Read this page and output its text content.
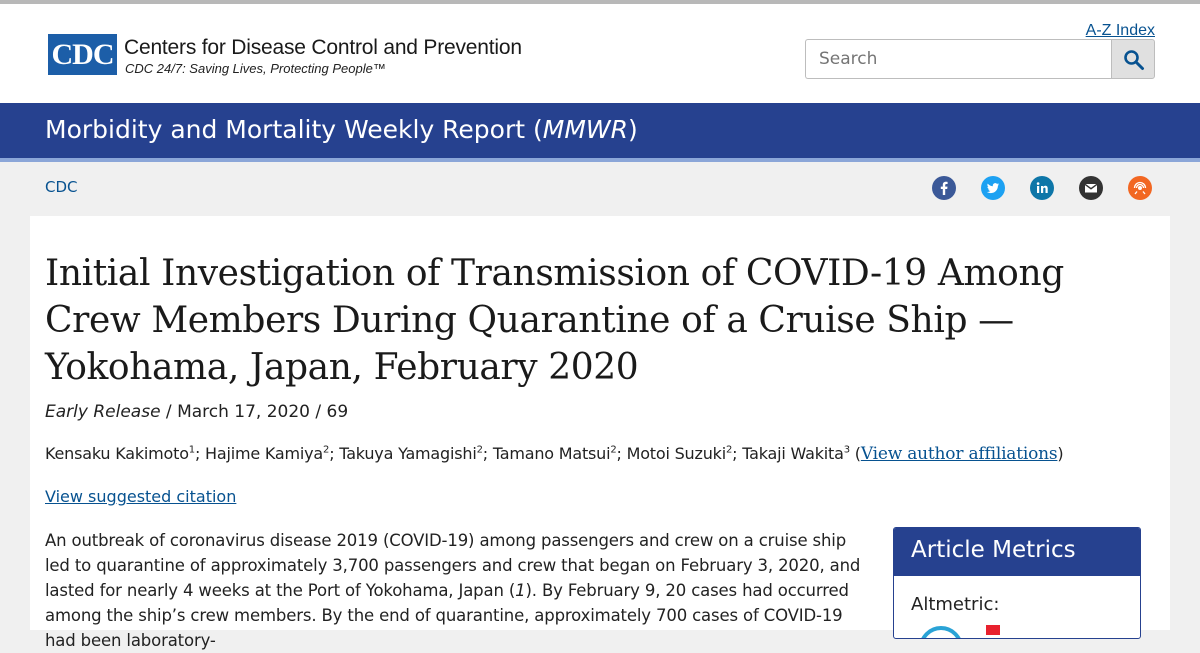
CDC Centers for Disease Control and Prevention
CDC 24/7: Saving Lives, Protecting People™
A-Z Index
Search
Morbidity and Mortality Weekly Report (MMWR)
CDC
Initial Investigation of Transmission of COVID-19 Among Crew Members During Quarantine of a Cruise Ship — Yokohama, Japan, February 2020
Early Release / March 17, 2020 / 69
Kensaku Kakimoto$^1$; Hajime Kamiya$^2$; Takuya Yamagishi$^2$; Tamano Matsui$^2$; Motoi Suzuki$^2$; Takaji Wakita$^3$ (View author affiliations)
View suggested citation
An outbreak of coronavirus disease 2019 (COVID-19) among passengers and crew on a cruise ship led to quarantine of approximately 3,700 passengers and crew that began on February 3, 2020, and lasted for nearly 4 weeks at the Port of Yokohama, Japan (1). By February 9, 20 cases had occurred among the ship’s crew members. By the end of quarantine, approximately 700 cases of COVID-19 had been laboratory-
Article Metrics
Altmetric:
